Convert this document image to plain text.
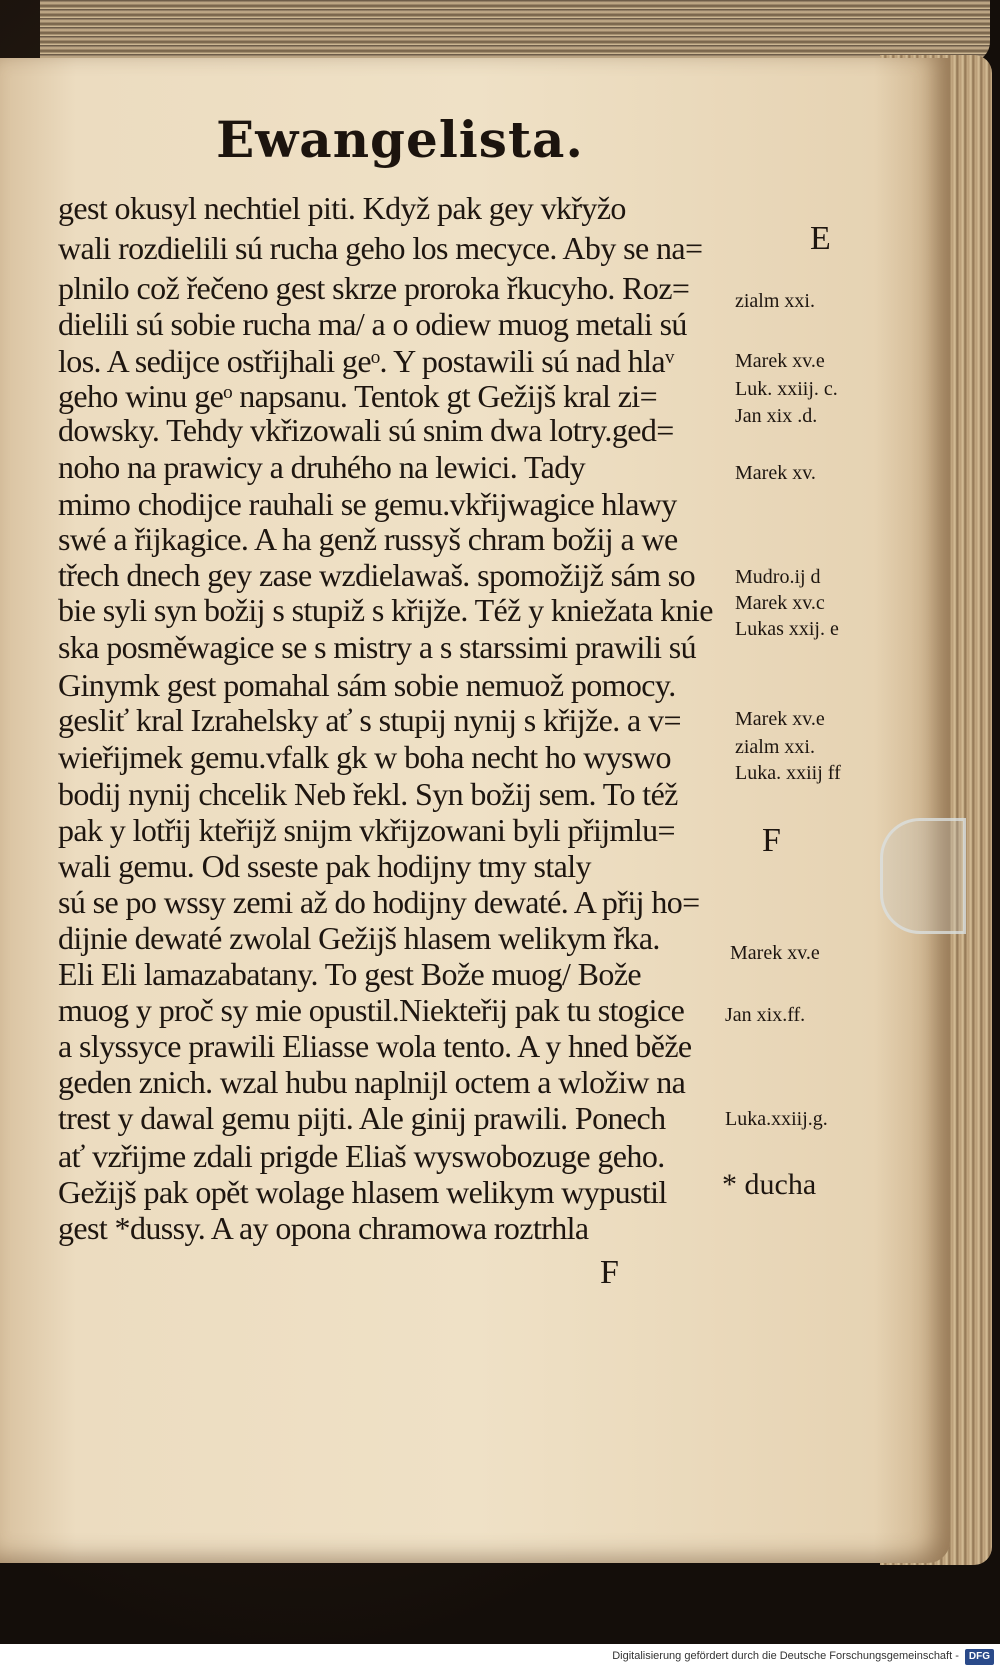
Ewangelista.
gest okusyl nechtiel piti. Když pak gey vkřyžo
wali rozdielili sú rucha geho los mecyce. Aby se na=
plnilo což řečeno gest skrze proroka řkucyho. Roz=
dielili sú sobie rucha ma/ a o odiew muog metali sú
los. A sedijce ostřijhali geᵒ. Y postawili sú nad hlaᵛ
geho winu geᵒ napsanu. Tentok gt Gežijš kral zi=
dowsky. Tehdy vkřizowali sú snim dwa lotry.ged=
noho na prawicy a druhého na lewici. Tady
mimo chodijce rauhali se gemu.vkřijwagice hlawy
swé a řijkagice. A ha genž russyš chram božij a we
třech dnech gey zase wzdielawaš. spomožijž sám so
bie syli syn božij s stupiž s křijže. Též y kniežata knie
ska posměwagice se s mistry a s starssimi prawili sú
Ginymk gest pomahal sám sobie nemuož pomocy.
gesliť kral Izrahelsky ať s stupij nynij s křijže. a v=
wieřijmek gemu.vfalk gk w boha necht ho wyswo
bodij nynij chcelik Neb řekl. Syn božij sem. To též
pak y lotřij kteřijž snijm vkřijzowani byli přijmlu=
wali gemu. Od sseste pak hodijny tmy staly
sú se po wssy zemi až do hodijny dewaté. A přij ho=
dijnie dewaté zwolal Gežijš hlasem welikym řka.
Eli Eli lamazabatany. To gest Bože muog/ Bože
muog y proč sy mie opustil.Niekteřij pak tu stogice
a slyssyce prawili Eliasse wola tento. A y hned běže
geden znich. wzal hubu naplnijl octem a wložiw na
trest y dawal gemu pijti. Ale ginij prawili. Ponech
ať vzřijme zdali prigde Eliaš wyswobozuge geho.
Gežijš pak opět wolage hlasem welikym wypustil
gest *dussy. A ay opona chramowa roztrhla
E
zialm xxi.
Marek xv.e
Luk. xxiij. c.
Jan xix .d.
Marek xv.
Mudro.ij d
Marek xv.c
Lukas xxij. e
Marek xv.e
zialm xxi.
Luka. xxiij ff
F
Marek xv.e
Jan xix.ff.
Luka.xxiij.g.
* ducha
F
Digitalisierung gefördert durch die Deutsche Forschungsgemeinschaft - DFG
